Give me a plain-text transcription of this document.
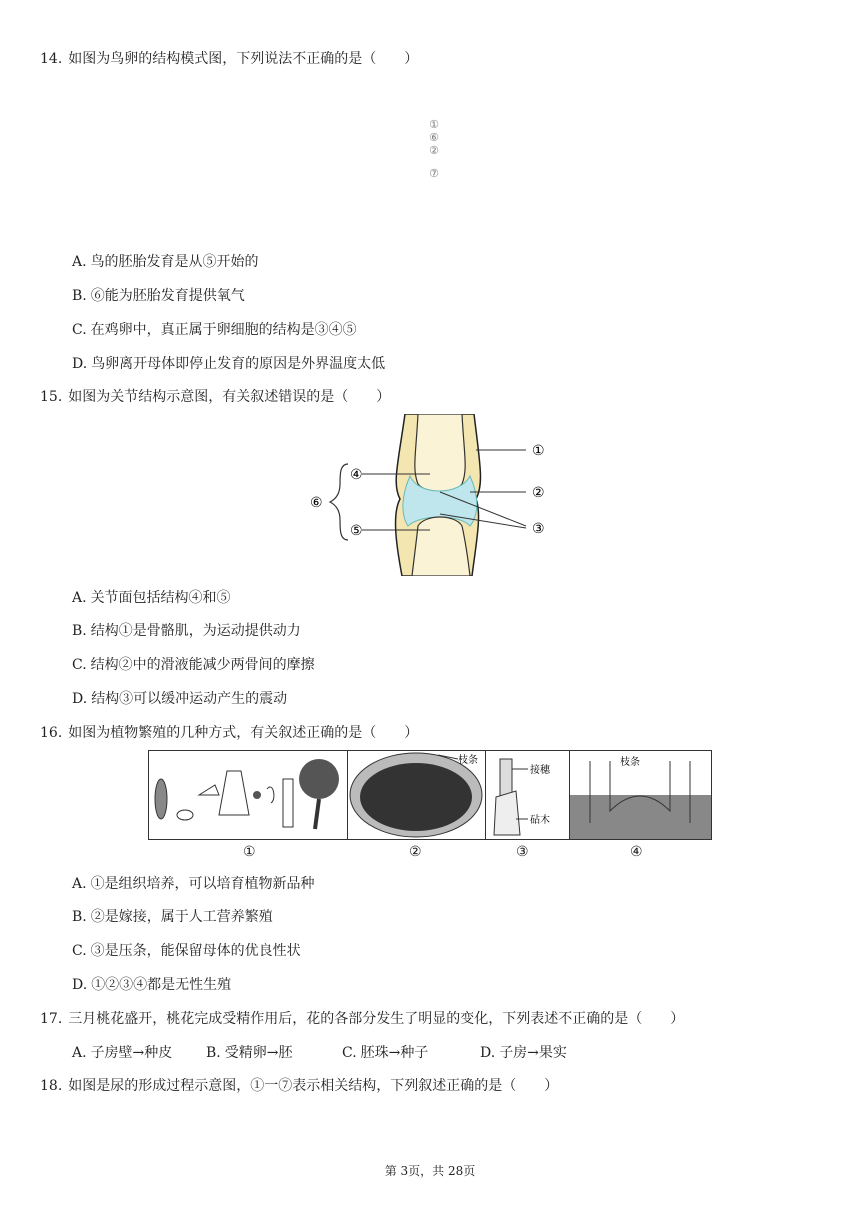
14. 如图为鸟卵的结构模式图，下列说法不正确的是（　　）
①
⑥
②
⑦
A. 鸟的胚胎发育是从⑤开始的
B. ⑥能为胚胎发育提供氧气
C. 在鸡卵中，真正属于卵细胞的结构是③④⑤
D. 鸟卵离开母体即停止发育的原因是外界温度太低
15. 如图为关节结构示意图，有关叙述错误的是（　　）
①
②
③
④
⑤
⑥
A. 关节面包括结构④和⑤
B. 结构①是骨骼肌，为运动提供动力
C. 结构②中的滑液能减少两骨间的摩擦
D. 结构③可以缓冲运动产生的震动
16. 如图为植物繁殖的几种方式，有关叙述正确的是（　　）
枝条
接穗
砧木
枝条
①	②	③	④
A. ①是组织培养，可以培育植物新品种
B. ②是嫁接，属于人工营养繁殖
C. ③是压条，能保留母体的优良性状
D. ①②③④都是无性生殖
17. 三月桃花盛开，桃花完成受精作用后，花的各部分发生了明显的变化，下列表述不正确的是（　　）
A. 子房壁→种皮 B. 受精卵→胚	C. 胚珠→种子	D. 子房→果实
18. 如图是尿的形成过程示意图，①一⑦表示相关结构，下列叙述正确的是（　　）
第 3页，共 28页
